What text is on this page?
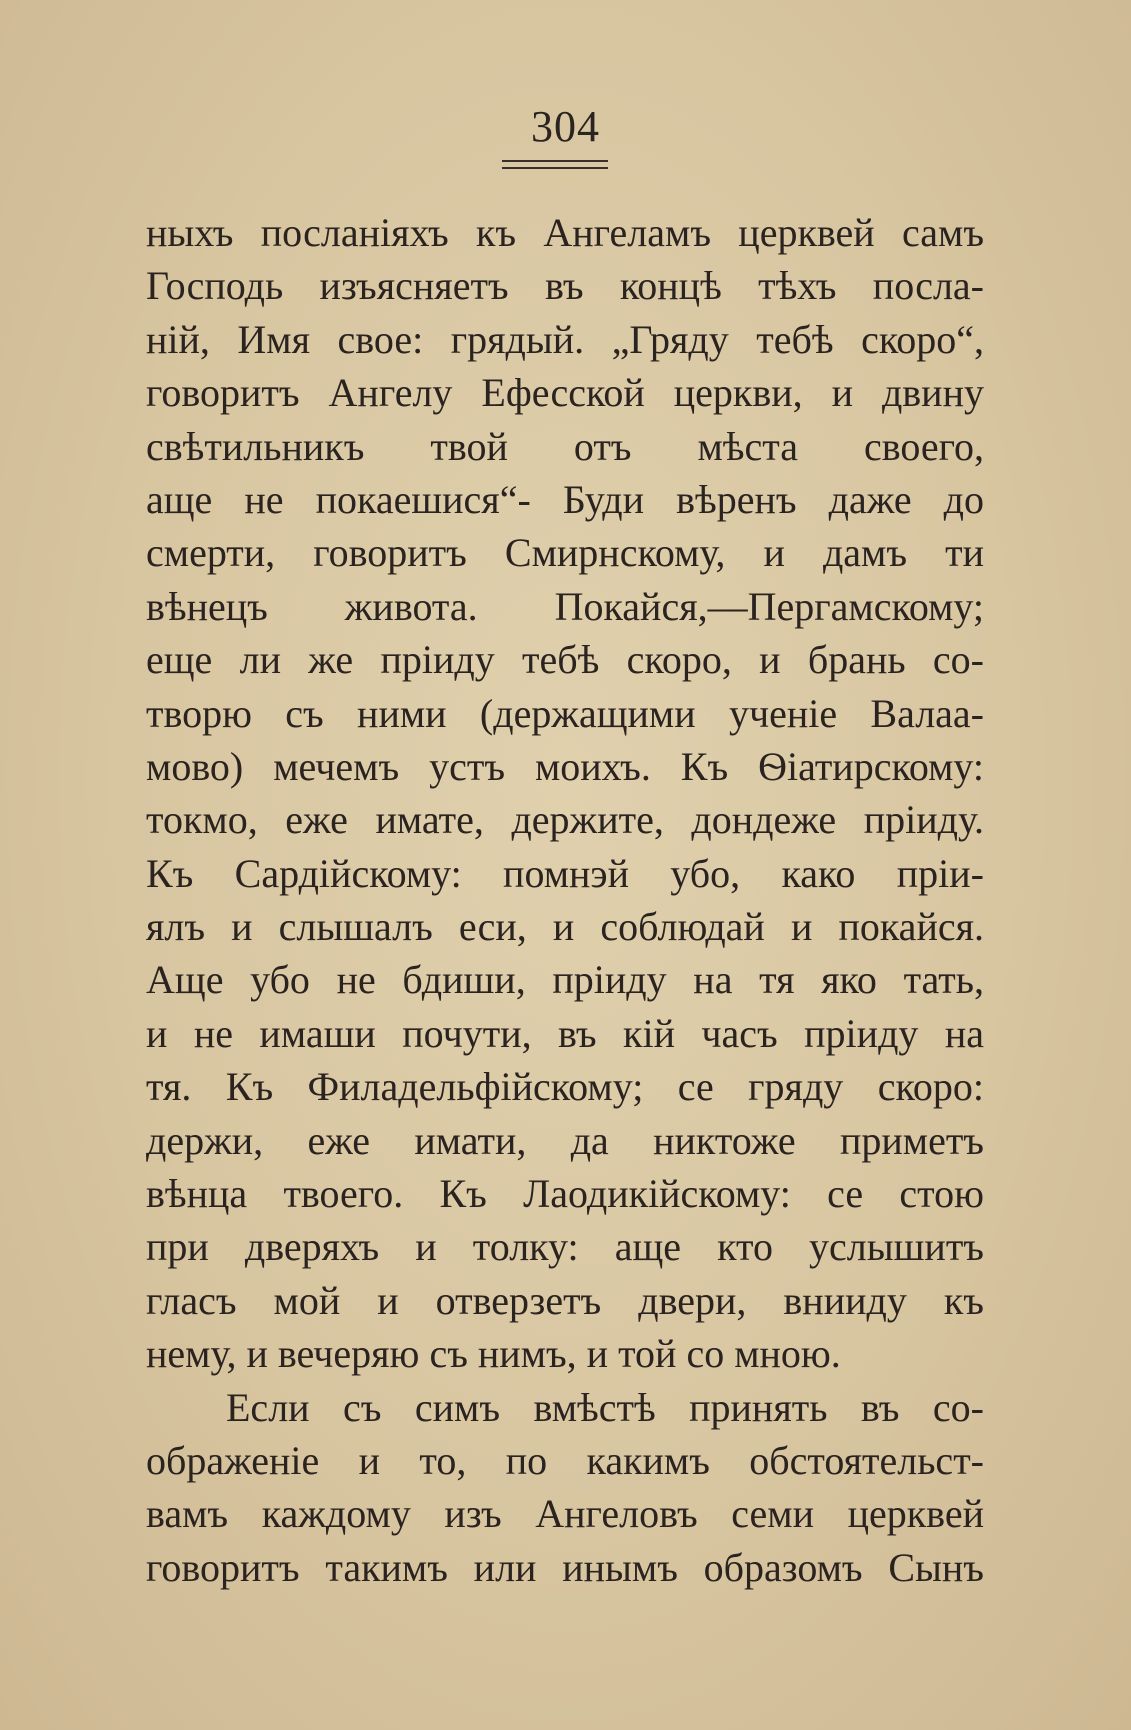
304
ныхъ посланіяхъ къ Ангеламъ церквей самъ
Господь изъясняетъ въ концѣ тѣхъ посла-
ній, Имя свое: грядый. „Гряду тебѣ скоро“,
говоритъ Ангелу Ефесской церкви, и двину
свѣтильникъ твой отъ мѣста своего,
аще не покаешися“- Буди вѣренъ даже до
смерти, говоритъ Смирнскому, и дамъ ти
вѣнецъ живота. Покайся,—Пергамскому;
еще ли же пріиду тебѣ скоро, и брань со-
творю съ ними (держащими ученіе Валаа-
мово) мечемъ устъ моихъ. Къ Ѳіатирскому:
токмо, еже имате, держите, дондеже пріиду.
Къ Сардійскому: помнэй убо, како пріи-
ялъ и слышалъ еси, и соблюдай и покайся.
Аще убо не бдиши, пріиду на тя яко тать,
и не имаши почути, въ кій часъ пріиду на
тя. Къ Филадельфійскому; се гряду скоро:
держи, еже имати, да никтоже приметъ
вѣнца твоего. Къ Лаодикійскому: се стою
при дверяхъ и толку: аще кто услышитъ
гласъ мой и отверзетъ двери, внииду къ
нему, и вечеряю съ нимъ, и той со мною.
Если съ симъ вмѣстѣ принять въ со-
ображеніе и то, по какимъ обстоятельст-
вамъ каждому изъ Ангеловъ семи церквей
говоритъ такимъ или инымъ образомъ Сынъ
